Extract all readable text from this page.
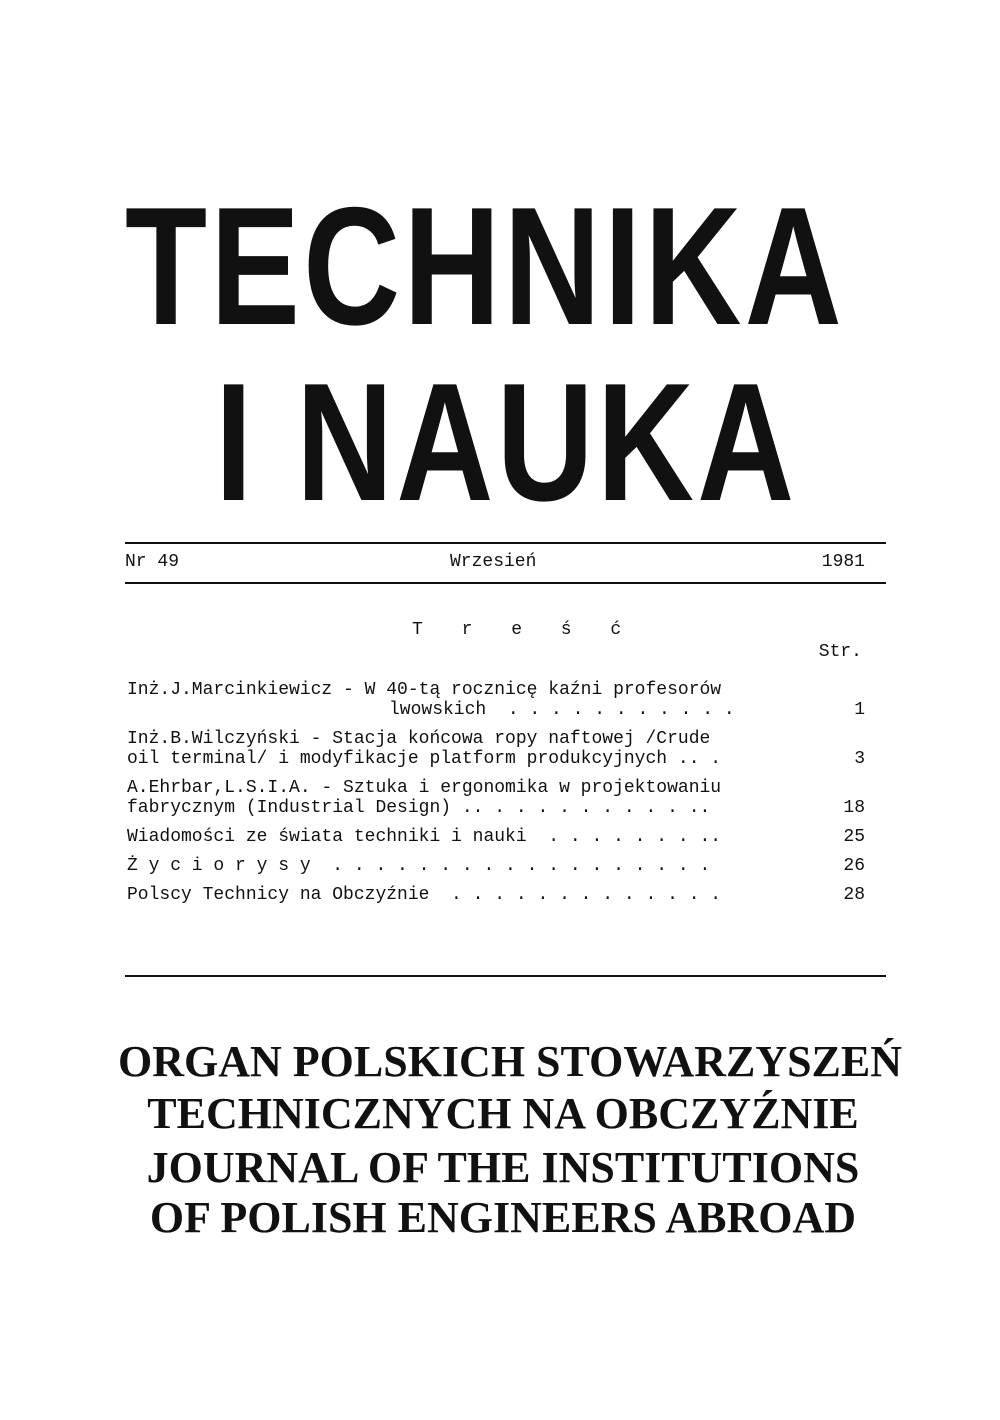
TECHNIKA
I NAUKA
Nr 49	Wrzesień	1981
T r e ś ć
Str.
Inż.J.Marcinkiewicz - W 40-tą rocznicę kaźni profesorów
lwowskich  . . . . . . . . . . .	1
Inż.B.Wilczyński - Stacja końcowa ropy naftowej /Crude
oil terminal/ i modyfikacje platform produkcyjnych .. .	3
A.Ehrbar,L.S.I.A. - Sztuka i ergonomika w projektowaniu
fabrycznym (Industrial Design) .. . . . . . . . . . ..	18
Wiadomości ze świata techniki i nauki  . . . . . . . ..	25
Ż y c i o r y s y  . . . . . . . . . . . . . . . . . .	26
Polscy Technicy na Obczyźnie  . . . . . . . . . . . . .	28
ORGAN POLSKICH STOWARZYSZEŃ
TECHNICZNYCH NA OBCZYŹNIE
JOURNAL OF THE INSTITUTIONS
OF POLISH ENGINEERS ABROAD
